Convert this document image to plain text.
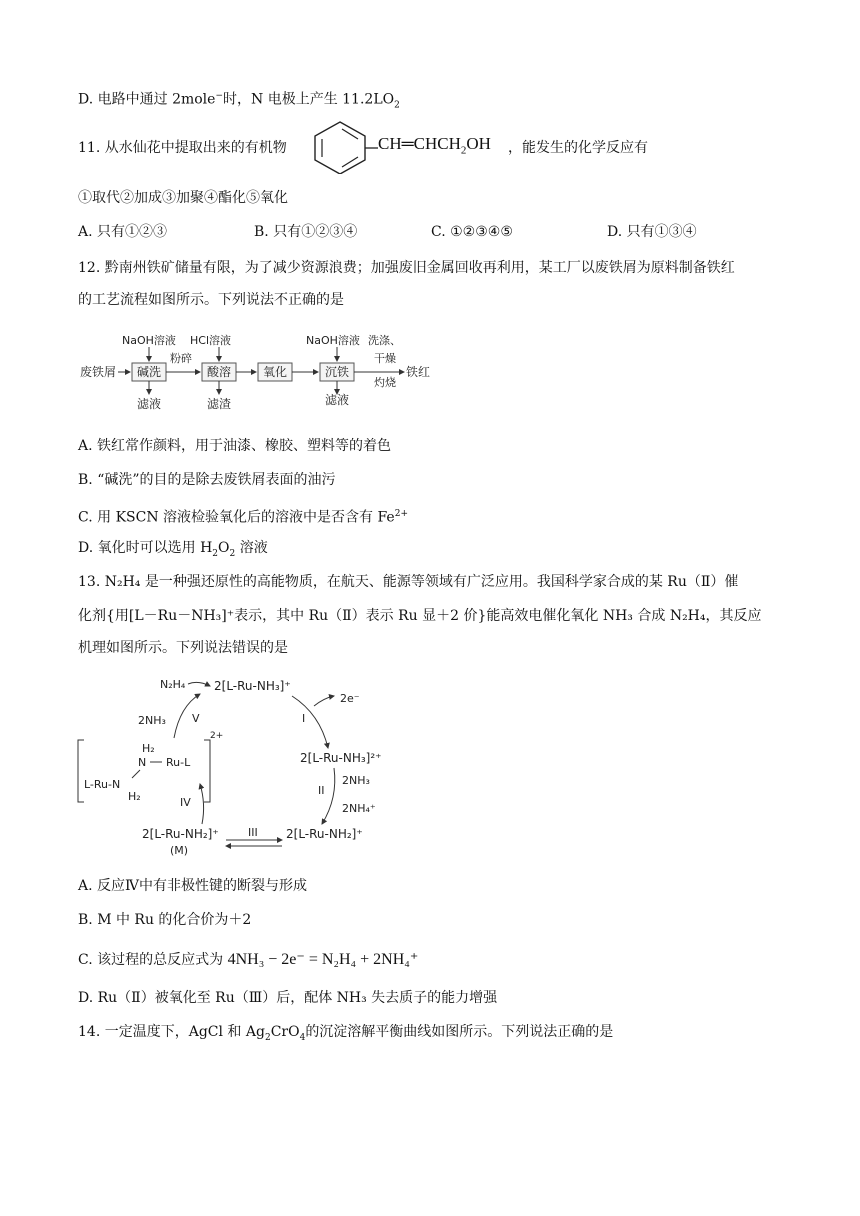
D. 电路中通过 2mole−时，N 电极上产生 $11.2LO_2$
11. 从水仙花中提取出来的有机物	$CH═CHCH_2OH$ ，能发生的化学反应有
①取代②加成③加聚④酯化⑤氧化
A. 只有①②③	B. 只有①②③④	C. ①②③④⑤	D. 只有①③④
12. 黔南州铁矿储量有限，为了减少资源浪费；加强废旧金属回收再利用，某工厂以废铁屑为原料制备铁红
的工艺流程如图所示。下列说法不正确的是
废铁屑 碱洗
NaOH溶液
滤液
粉碎
酸溶
HCl溶液
滤渣
氧化	沉铁
NaOH溶液
滤液
洗涤、
干燥
灼烧
铁红
A. 铁红常作颜料，用于油漆、橡胶、塑料等的着色
B. “碱洗”的目的是除去废铁屑表面的油污
C. 用 KSCN 溶液检验氧化后的溶液中是否含有 $Fe^{2+}$
D. 氧化时可以选用 $H_2O_2$ 溶液
13. N₂H₄ 是一种强还原性的高能物质，在航天、能源等领域有广泛应用。我国科学家合成的某 Ru（Ⅱ）催
化剂{用[L－Ru－NH₃]⁺表示，其中 Ru（Ⅱ）表示 Ru 显＋2 价}能高效电催化氧化 NH₃ 合成 N₂H₄，其反应
机理如图所示。下列说法错误的是
2[L-Ru-NH₃]⁺
N₂H₄
2NH₃ V
2e⁻
I
2[L-Ru-NH₃]²⁺
2NH₃
II
2NH₄⁺
2[L-Ru-NH₂]⁺
2[L-Ru-NH₂]⁺
(M)
III
IV
2+
H₂
N Ru-L
L-Ru-N
H₂
A. 反应Ⅳ中有非极性键的断裂与形成
B. M 中 Ru 的化合价为＋2
C. 该过程的总反应式为 4NH₃ − 2e⁻ = N₂H₄ + 2NH₄⁺
D. Ru（Ⅱ）被氧化至 Ru（Ⅲ）后，配体 NH₃ 失去质子的能力增强
14. 一定温度下，AgCl 和 $Ag_2CrO_4$的沉淀溶解平衡曲线如图所示。下列说法正确的是
